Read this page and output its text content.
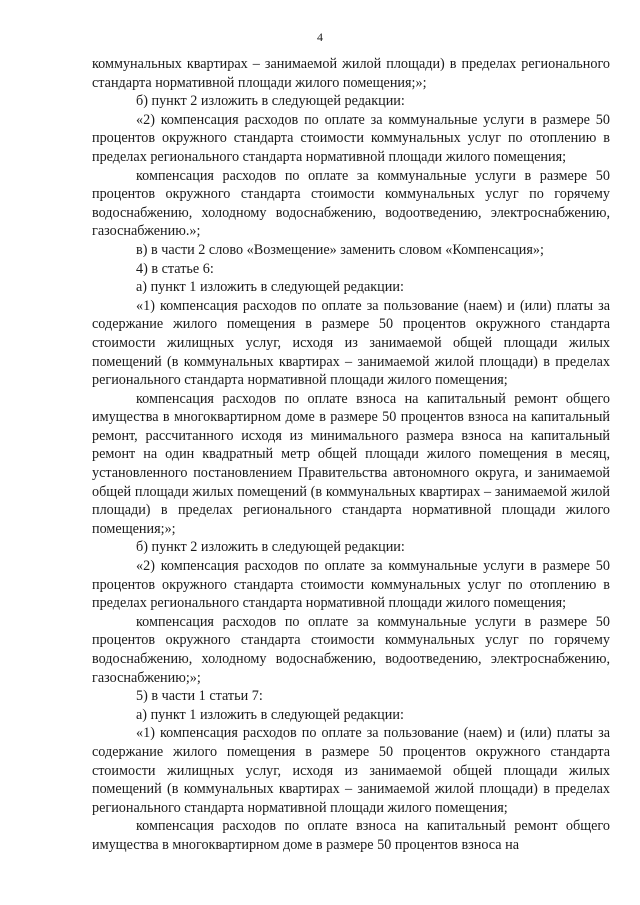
4

коммунальных квартирах – занимаемой жилой площади) в пределах регионального стандарта нормативной площади жилого помещения;»;

б) пункт 2 изложить в следующей редакции:

«2) компенсация расходов по оплате за коммунальные услуги в размере 50 процентов окружного стандарта стоимости коммунальных услуг по отоплению в пределах регионального стандарта нормативной площади жилого помещения;

компенсация расходов по оплате за коммунальные услуги в размере 50 процентов окружного стандарта стоимости коммунальных услуг по горячему водоснабжению, холодному водоснабжению, водоотведению, электроснабжению, газоснабжению.»;

в) в части 2 слово «Возмещение» заменить словом «Компенсация»;

4) в статье 6:

а) пункт 1 изложить в следующей редакции:

«1) компенсация расходов по оплате за пользование (наем) и (или) платы за содержание жилого помещения в размере 50 процентов окружного стандарта стоимости жилищных услуг, исходя из занимаемой общей площади жилых помещений (в коммунальных квартирах – занимаемой жилой площади) в пределах регионального стандарта нормативной площади жилого помещения;

компенсация расходов по оплате взноса на капитальный ремонт общего имущества в многоквартирном доме в размере 50 процентов взноса на капитальный ремонт, рассчитанного исходя из минимального размера взноса на капитальный ремонт на один квадратный метр общей площади жилого помещения в месяц, установленного постановлением Правительства автономного округа, и занимаемой общей площади жилых помещений (в коммунальных квартирах – занимаемой жилой площади) в пределах регионального стандарта нормативной площади жилого помещения;»;

б) пункт 2 изложить в следующей редакции:

«2) компенсация расходов по оплате за коммунальные услуги в размере 50 процентов окружного стандарта стоимости коммунальных услуг по отоплению в пределах регионального стандарта нормативной площади жилого помещения;

компенсация расходов по оплате за коммунальные услуги в размере 50 процентов окружного стандарта стоимости коммунальных услуг по горячему водоснабжению, холодному водоснабжению, водоотведению, электроснабжению, газоснабжению;»;

5) в части 1 статьи 7:

а) пункт 1 изложить в следующей редакции:

«1) компенсация расходов по оплате за пользование (наем) и (или) платы за содержание жилого помещения в размере 50 процентов окружного стандарта стоимости жилищных услуг, исходя из занимаемой общей площади жилых помещений (в коммунальных квартирах – занимаемой жилой площади) в пределах регионального стандарта нормативной площади жилого помещения;

компенсация расходов по оплате взноса на капитальный ремонт общего имущества в многоквартирном доме в размере 50 процентов взноса на
